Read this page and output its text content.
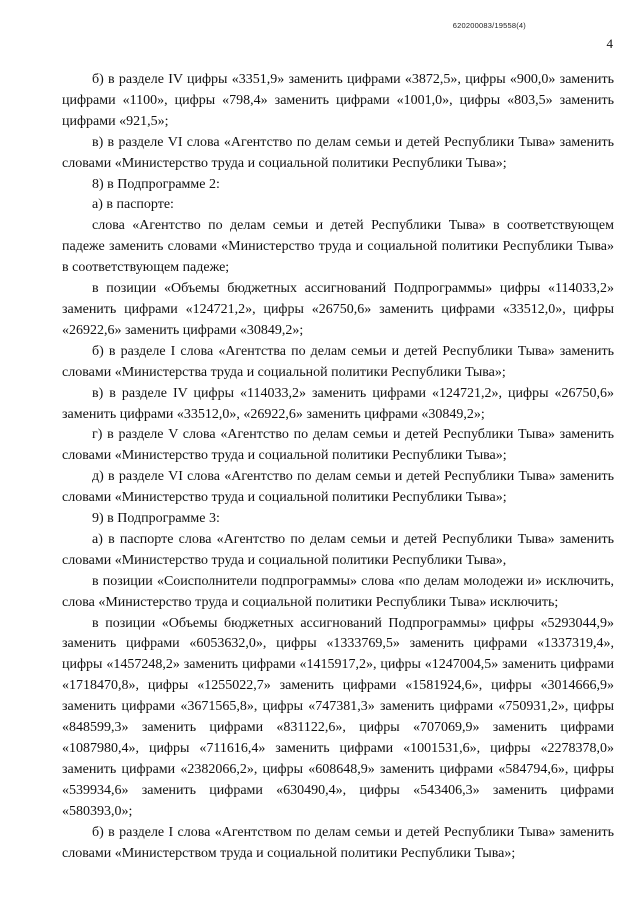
620200083/19558(4)
4

б) в разделе IV цифры «3351,9» заменить цифрами «3872,5», цифры «900,0» заменить цифрами «1100», цифры «798,4» заменить цифрами «1001,0», цифры «803,5» заменить цифрами «921,5»;

в) в разделе VI слова «Агентство по делам семьи и детей Республики Тыва» заменить словами «Министерство труда и социальной политики Республики Тыва»;

8) в Подпрограмме 2:

а) в паспорте:

слова «Агентство по делам семьи и детей Республики Тыва» в соответствующем падеже заменить словами «Министерство труда и социальной политики Республики Тыва» в соответствующем падеже;

в позиции «Объемы бюджетных ассигнований Подпрограммы» цифры «114033,2» заменить цифрами «124721,2», цифры «26750,6» заменить цифрами «33512,0», цифры «26922,6» заменить цифрами «30849,2»;

б) в разделе I слова «Агентства по делам семьи и детей Республики Тыва» заменить словами «Министерства труда и социальной политики Республики Тыва»;

в) в разделе IV цифры «114033,2» заменить цифрами «124721,2», цифры «26750,6» заменить цифрами «33512,0», «26922,6» заменить цифрами «30849,2»;

г) в разделе V слова «Агентство по делам семьи и детей Республики Тыва» заменить словами «Министерство труда и социальной политики Республики Тыва»;

д) в разделе VI слова «Агентство по делам семьи и детей Республики Тыва» заменить словами «Министерство труда и социальной политики Республики Тыва»;

9) в Подпрограмме 3:

а) в паспорте слова «Агентство по делам семьи и детей Республики Тыва» заменить словами «Министерство труда и социальной политики Республики Тыва»,

в позиции «Соисполнители подпрограммы» слова «по делам молодежи и» исключить, слова «Министерство труда и социальной политики Республики Тыва» исключить;

в позиции «Объемы бюджетных ассигнований Подпрограммы» цифры «5293044,9» заменить цифрами «6053632,0», цифры «1333769,5» заменить цифрами «1337319,4», цифры «1457248,2» заменить цифрами «1415917,2», цифры «1247004,5» заменить цифрами «1718470,8», цифры «1255022,7» заменить цифрами «1581924,6», цифры «3014666,9» заменить цифрами «3671565,8», цифры «747381,3» заменить цифрами «750931,2», цифры «848599,3» заменить цифрами «831122,6», цифры «707069,9» заменить цифрами «1087980,4», цифры «711616,4» заменить цифрами «1001531,6», цифры «2278378,0» заменить цифрами «2382066,2», цифры «608648,9» заменить цифрами «584794,6», цифры «539934,6» заменить цифрами «630490,4», цифры «543406,3» заменить цифрами «580393,0»;

б) в разделе I слова «Агентством по делам семьи и детей Республики Тыва» заменить словами «Министерством труда и социальной политики Республики Тыва»;
